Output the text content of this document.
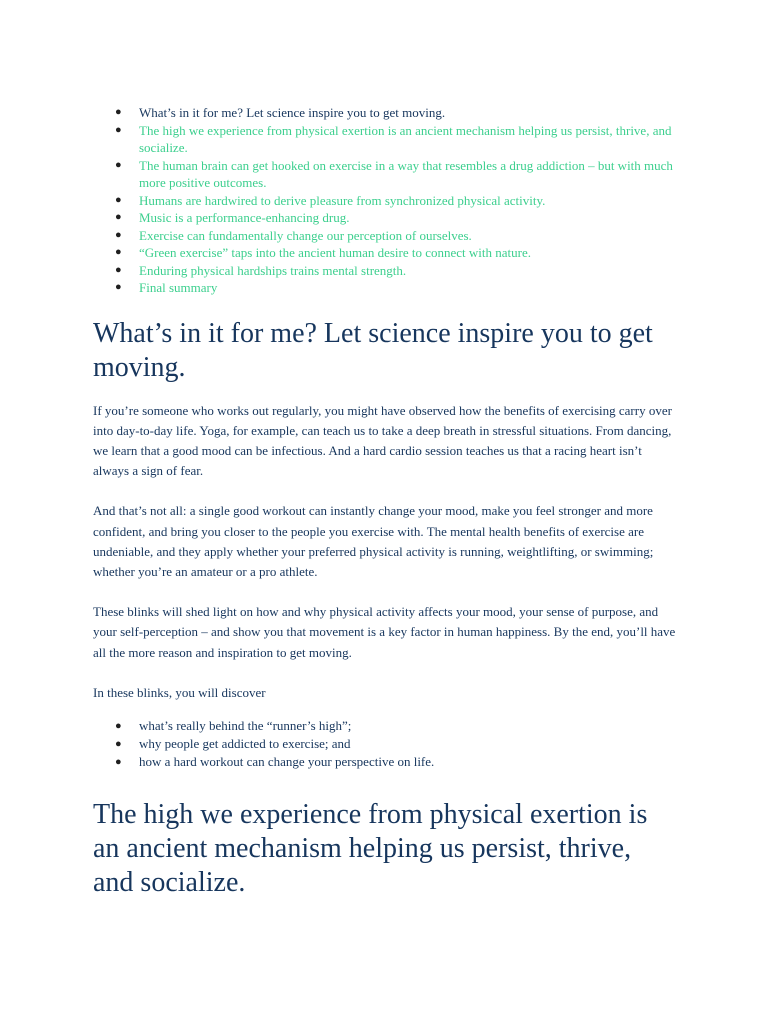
● What’s in it for me? Let science inspire you to get moving.
● The high we experience from physical exertion is an ancient mechanism helping us persist, thrive, and socialize.
● The human brain can get hooked on exercise in a way that resembles a drug addiction – but with much more positive outcomes.
● Humans are hardwired to derive pleasure from synchronized physical activity.
● Music is a performance-enhancing drug.
● Exercise can fundamentally change our perception of ourselves.
● “Green exercise” taps into the ancient human desire to connect with nature.
● Enduring physical hardships trains mental strength.
● Final summary
What’s in it for me? Let science inspire you to get moving.

If you’re someone who works out regularly, you might have observed how the benefits of exercising carry over into day-to-day life. Yoga, for example, can teach us to take a deep breath in stressful situations. From dancing, we learn that a good mood can be infectious. And a hard cardio session teaches us that a racing heart isn’t always a sign of fear.

And that’s not all: a single good workout can instantly change your mood, make you feel stronger and more confident, and bring you closer to the people you exercise with. The mental health benefits of exercise are undeniable, and they apply whether your preferred physical activity is running, weightlifting, or swimming; whether you’re an amateur or a pro athlete.

These blinks will shed light on how and why physical activity affects your mood, your sense of purpose, and your self-perception – and show you that movement is a key factor in human happiness. By the end, you’ll have all the more reason and inspiration to get moving.

In these blinks, you will discover

● what’s really behind the “runner’s high”;
● why people get addicted to exercise; and
● how a hard workout can change your perspective on life.
The high we experience from physical exertion is an ancient mechanism helping us persist, thrive, and socialize.
